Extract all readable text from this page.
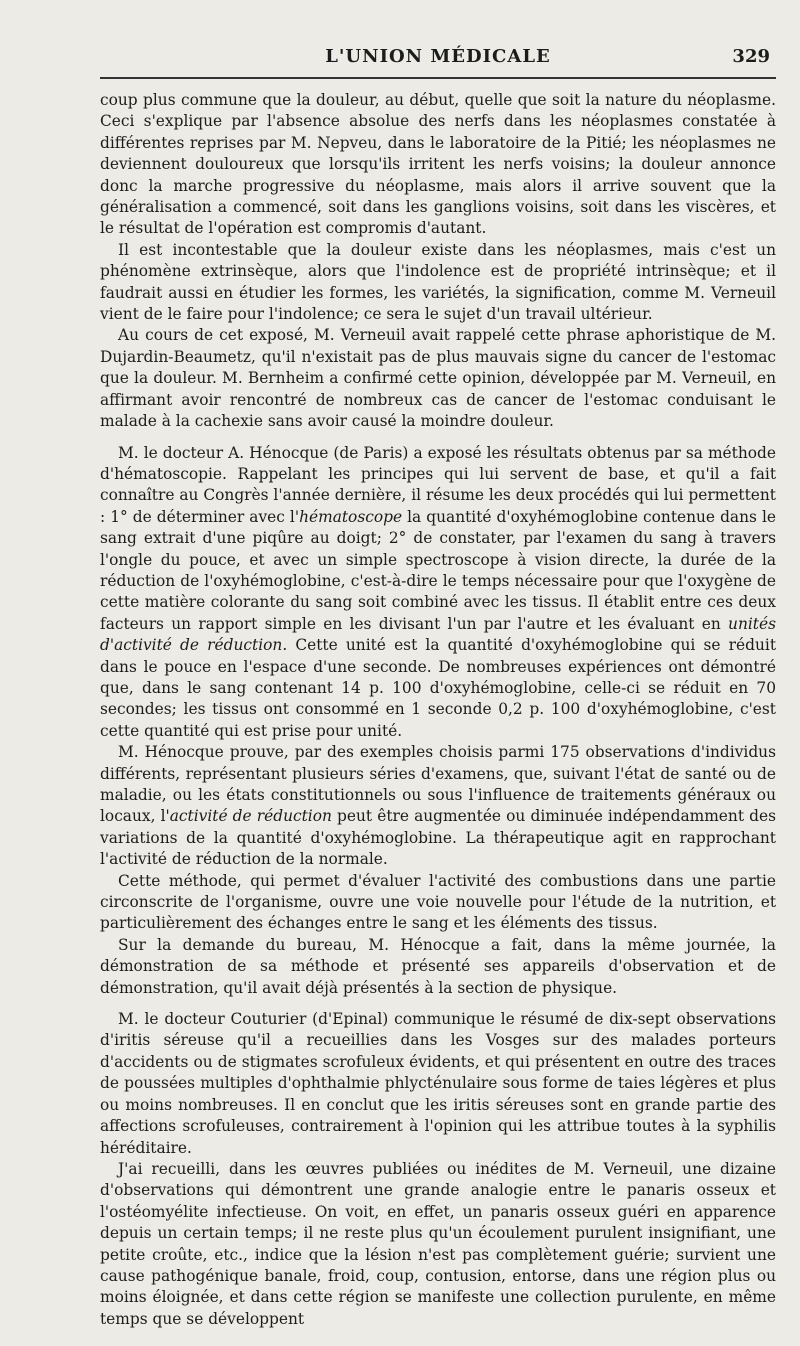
L'UNION MÉDICALE	329

coup plus commune que la douleur, au début, quelle que soit la nature du néoplasme. Ceci s'explique par l'absence absolue des nerfs dans les néoplasmes constatée à différentes reprises par M. Nepveu, dans le laboratoire de la Pitié; les néoplasmes ne deviennent douloureux que lorsqu'ils irritent les nerfs voisins; la douleur annonce donc la marche progressive du néoplasme, mais alors il arrive souvent que la généralisation a commencé, soit dans les ganglions voisins, soit dans les viscères, et le résultat de l'opération est compromis d'autant.

Il est incontestable que la douleur existe dans les néoplasmes, mais c'est un phénomène extrinsèque, alors que l'indolence est de propriété intrinsèque; et il faudrait aussi en étudier les formes, les variétés, la signification, comme M. Verneuil vient de le faire pour l'indolence; ce sera le sujet d'un travail ultérieur.

Au cours de cet exposé, M. Verneuil avait rappelé cette phrase aphoristique de M. Dujardin-Beaumetz, qu'il n'existait pas de plus mauvais signe du cancer de l'estomac que la douleur. M. Bernheim a confirmé cette opinion, développée par M. Verneuil, en affirmant avoir rencontré de nombreux cas de cancer de l'estomac conduisant le malade à la cachexie sans avoir causé la moindre douleur.

M. le docteur A. Hénocque (de Paris) a exposé les résultats obtenus par sa méthode d'hématoscopie. Rappelant les principes qui lui servent de base, et qu'il a fait connaître au Congrès l'année dernière, il résume les deux procédés qui lui permettent : 1° de déterminer avec l'hématoscope la quantité d'oxyhémoglobine contenue dans le sang extrait d'une piqûre au doigt; 2° de constater, par l'examen du sang à travers l'ongle du pouce, et avec un simple spectroscope à vision directe, la durée de la réduction de l'oxyhémoglobine, c'est-à-dire le temps nécessaire pour que l'oxygène de cette matière colorante du sang soit combiné avec les tissus. Il établit entre ces deux facteurs un rapport simple en les divisant l'un par l'autre et les évaluant en unités d'activité de réduction. Cette unité est la quantité d'oxyhémoglobine qui se réduit dans le pouce en l'espace d'une seconde. De nombreuses expériences ont démontré que, dans le sang contenant 14 p. 100 d'oxyhémoglobine, celle-ci se réduit en 70 secondes; les tissus ont consommé en 1 seconde 0,2 p. 100 d'oxyhémoglobine, c'est cette quantité qui est prise pour unité.

M. Hénocque prouve, par des exemples choisis parmi 175 observations d'individus différents, représentant plusieurs séries d'examens, que, suivant l'état de santé ou de maladie, ou les états constitutionnels ou sous l'influence de traitements généraux ou locaux, l'activité de réduction peut être augmentée ou diminuée indépendamment des variations de la quantité d'oxyhémoglobine. La thérapeutique agit en rapprochant l'activité de réduction de la normale.

Cette méthode, qui permet d'évaluer l'activité des combustions dans une partie circonscrite de l'organisme, ouvre une voie nouvelle pour l'étude de la nutrition, et particulièrement des échanges entre le sang et les éléments des tissus.

Sur la demande du bureau, M. Hénocque a fait, dans la même journée, la démonstration de sa méthode et présenté ses appareils d'observation et de démonstration, qu'il avait déjà présentés à la section de physique.

M. le docteur Couturier (d'Epinal) communique le résumé de dix-sept observations d'iritis séreuse qu'il a recueillies dans les Vosges sur des malades porteurs d'accidents ou de stigmates scrofuleux évidents, et qui présentent en outre des traces de poussées multiples d'ophthalmie phlycténulaire sous forme de taies légères et plus ou moins nombreuses. Il en conclut que les iritis séreuses sont en grande partie des affections scrofuleuses, contrairement à l'opinion qui les attribue toutes à la syphilis héréditaire.

J'ai recueilli, dans les œuvres publiées ou inédites de M. Verneuil, une dizaine d'observations qui démontrent une grande analogie entre le panaris osseux et l'ostéomyélite infectieuse. On voit, en effet, un panaris osseux guéri en apparence depuis un certain temps; il ne reste plus qu'un écoulement purulent insignifiant, une petite croûte, etc., indice que la lésion n'est pas complètement guérie; survient une cause pathogénique banale, froid, coup, contusion, entorse, dans une région plus ou moins éloignée, et dans cette région se manifeste une collection purulente, en même temps que se développent
